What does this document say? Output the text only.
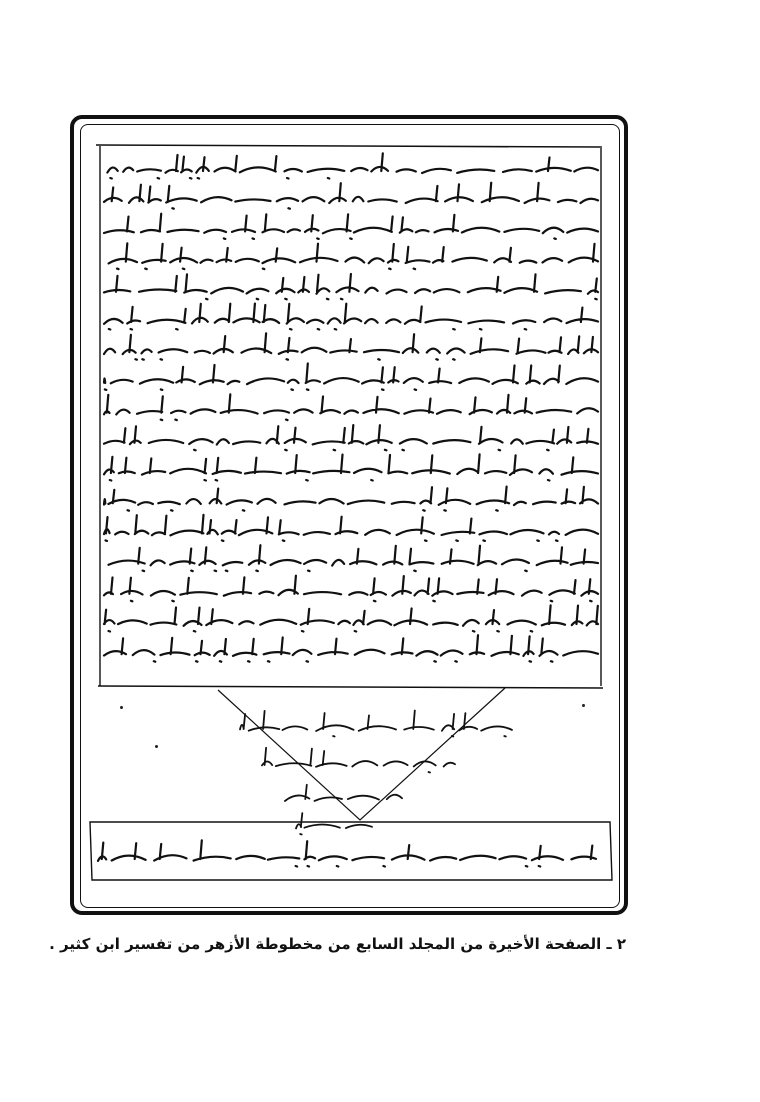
٢ ـ الصفحة الأخيرة من المجلد السابع من مخطوطة الأزهر من تفسير ابن كثير .
